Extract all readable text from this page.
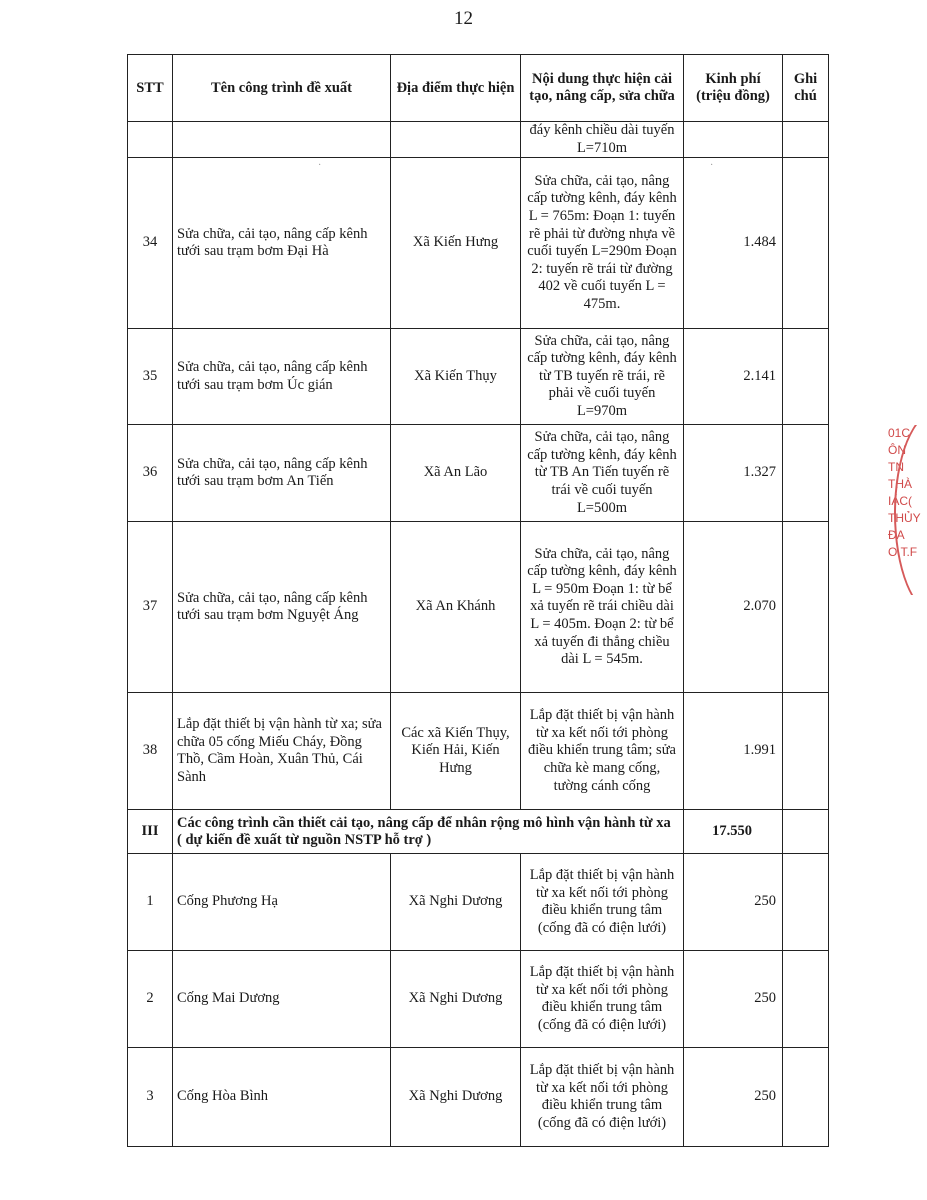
12
STT	Tên công trình đề xuất	Địa điểm thực hiện	Nội dung thực hiện cải tạo, nâng cấp, sửa chữa	Kinh phí (triệu đồng)	Ghi chú
			đáy kênh chiều dài tuyến L=710m		
34	Sửa chữa, cải tạo, nâng cấp kênh tưới sau trạm bơm Đại Hà	Xã Kiến Hưng	Sửa chữa, cải tạo, nâng cấp tường kênh, đáy kênh L = 765m: Đoạn 1: tuyến rẽ phải từ đường nhựa về cuối tuyến L=290m Đoạn 2: tuyến rẽ trái từ đường 402 về cuối tuyến L = 475m.	1.484	
35	Sửa chữa, cải tạo, nâng cấp kênh tưới sau trạm bơm Úc gián	Xã Kiến Thụy	Sửa chữa, cải tạo, nâng cấp tường kênh, đáy kênh từ TB tuyến rẽ trái, rẽ phải về cuối tuyến L=970m	2.141	
36	Sửa chữa, cải tạo, nâng cấp kênh tưới sau trạm bơm An Tiến	Xã An Lão	Sửa chữa, cải tạo, nâng cấp tường kênh, đáy kênh từ TB An Tiến tuyến rẽ trái về cuối tuyến L=500m	1.327	
37	Sửa chữa, cải tạo, nâng cấp kênh tưới sau trạm bơm Nguyệt Áng	Xã An Khánh	Sửa chữa, cải tạo, nâng cấp tường kênh, đáy kênh L = 950m Đoạn 1: từ bể xả tuyến rẽ trái chiều dài L = 405m. Đoạn 2: từ bể xả tuyến đi thẳng chiều dài L = 545m.	2.070	
38	Lắp đặt thiết bị vận hành từ xa; sửa chữa 05 cống Miếu Cháy, Đồng Thồ, Cầm Hoàn, Xuân Thủ, Cái Sành	Các xã Kiến Thụy, Kiến Hải, Kiến Hưng	Lắp đặt thiết bị vận hành từ xa kết nối tới phòng điều khiển trung tâm; sửa chữa kè mang cống, tường cánh cống	1.991	
III	Các công trình cần thiết cải tạo, nâng cấp để nhân rộng mô hình vận hành từ xa ( dự kiến đề xuất từ nguồn NSTP hỗ trợ )			17.550	
1	Cống Phương Hạ	Xã Nghi Dương	Lắp đặt thiết bị vận hành từ xa kết nối tới phòng điều khiển trung tâm (cống đã có điện lưới)	250	
2	Cống Mai Dương	Xã Nghi Dương	Lắp đặt thiết bị vận hành từ xa kết nối tới phòng điều khiển trung tâm (cống đã có điện lưới)	250	
3	Cống Hòa Bình	Xã Nghi Dương	Lắp đặt thiết bị vận hành từ xa kết nối tới phòng điều khiển trung tâm (cống đã có điện lưới)	250	
01C
ÔN
TN
THÀ
IÁC(
THỦY
ĐA
O T.F
·	·
